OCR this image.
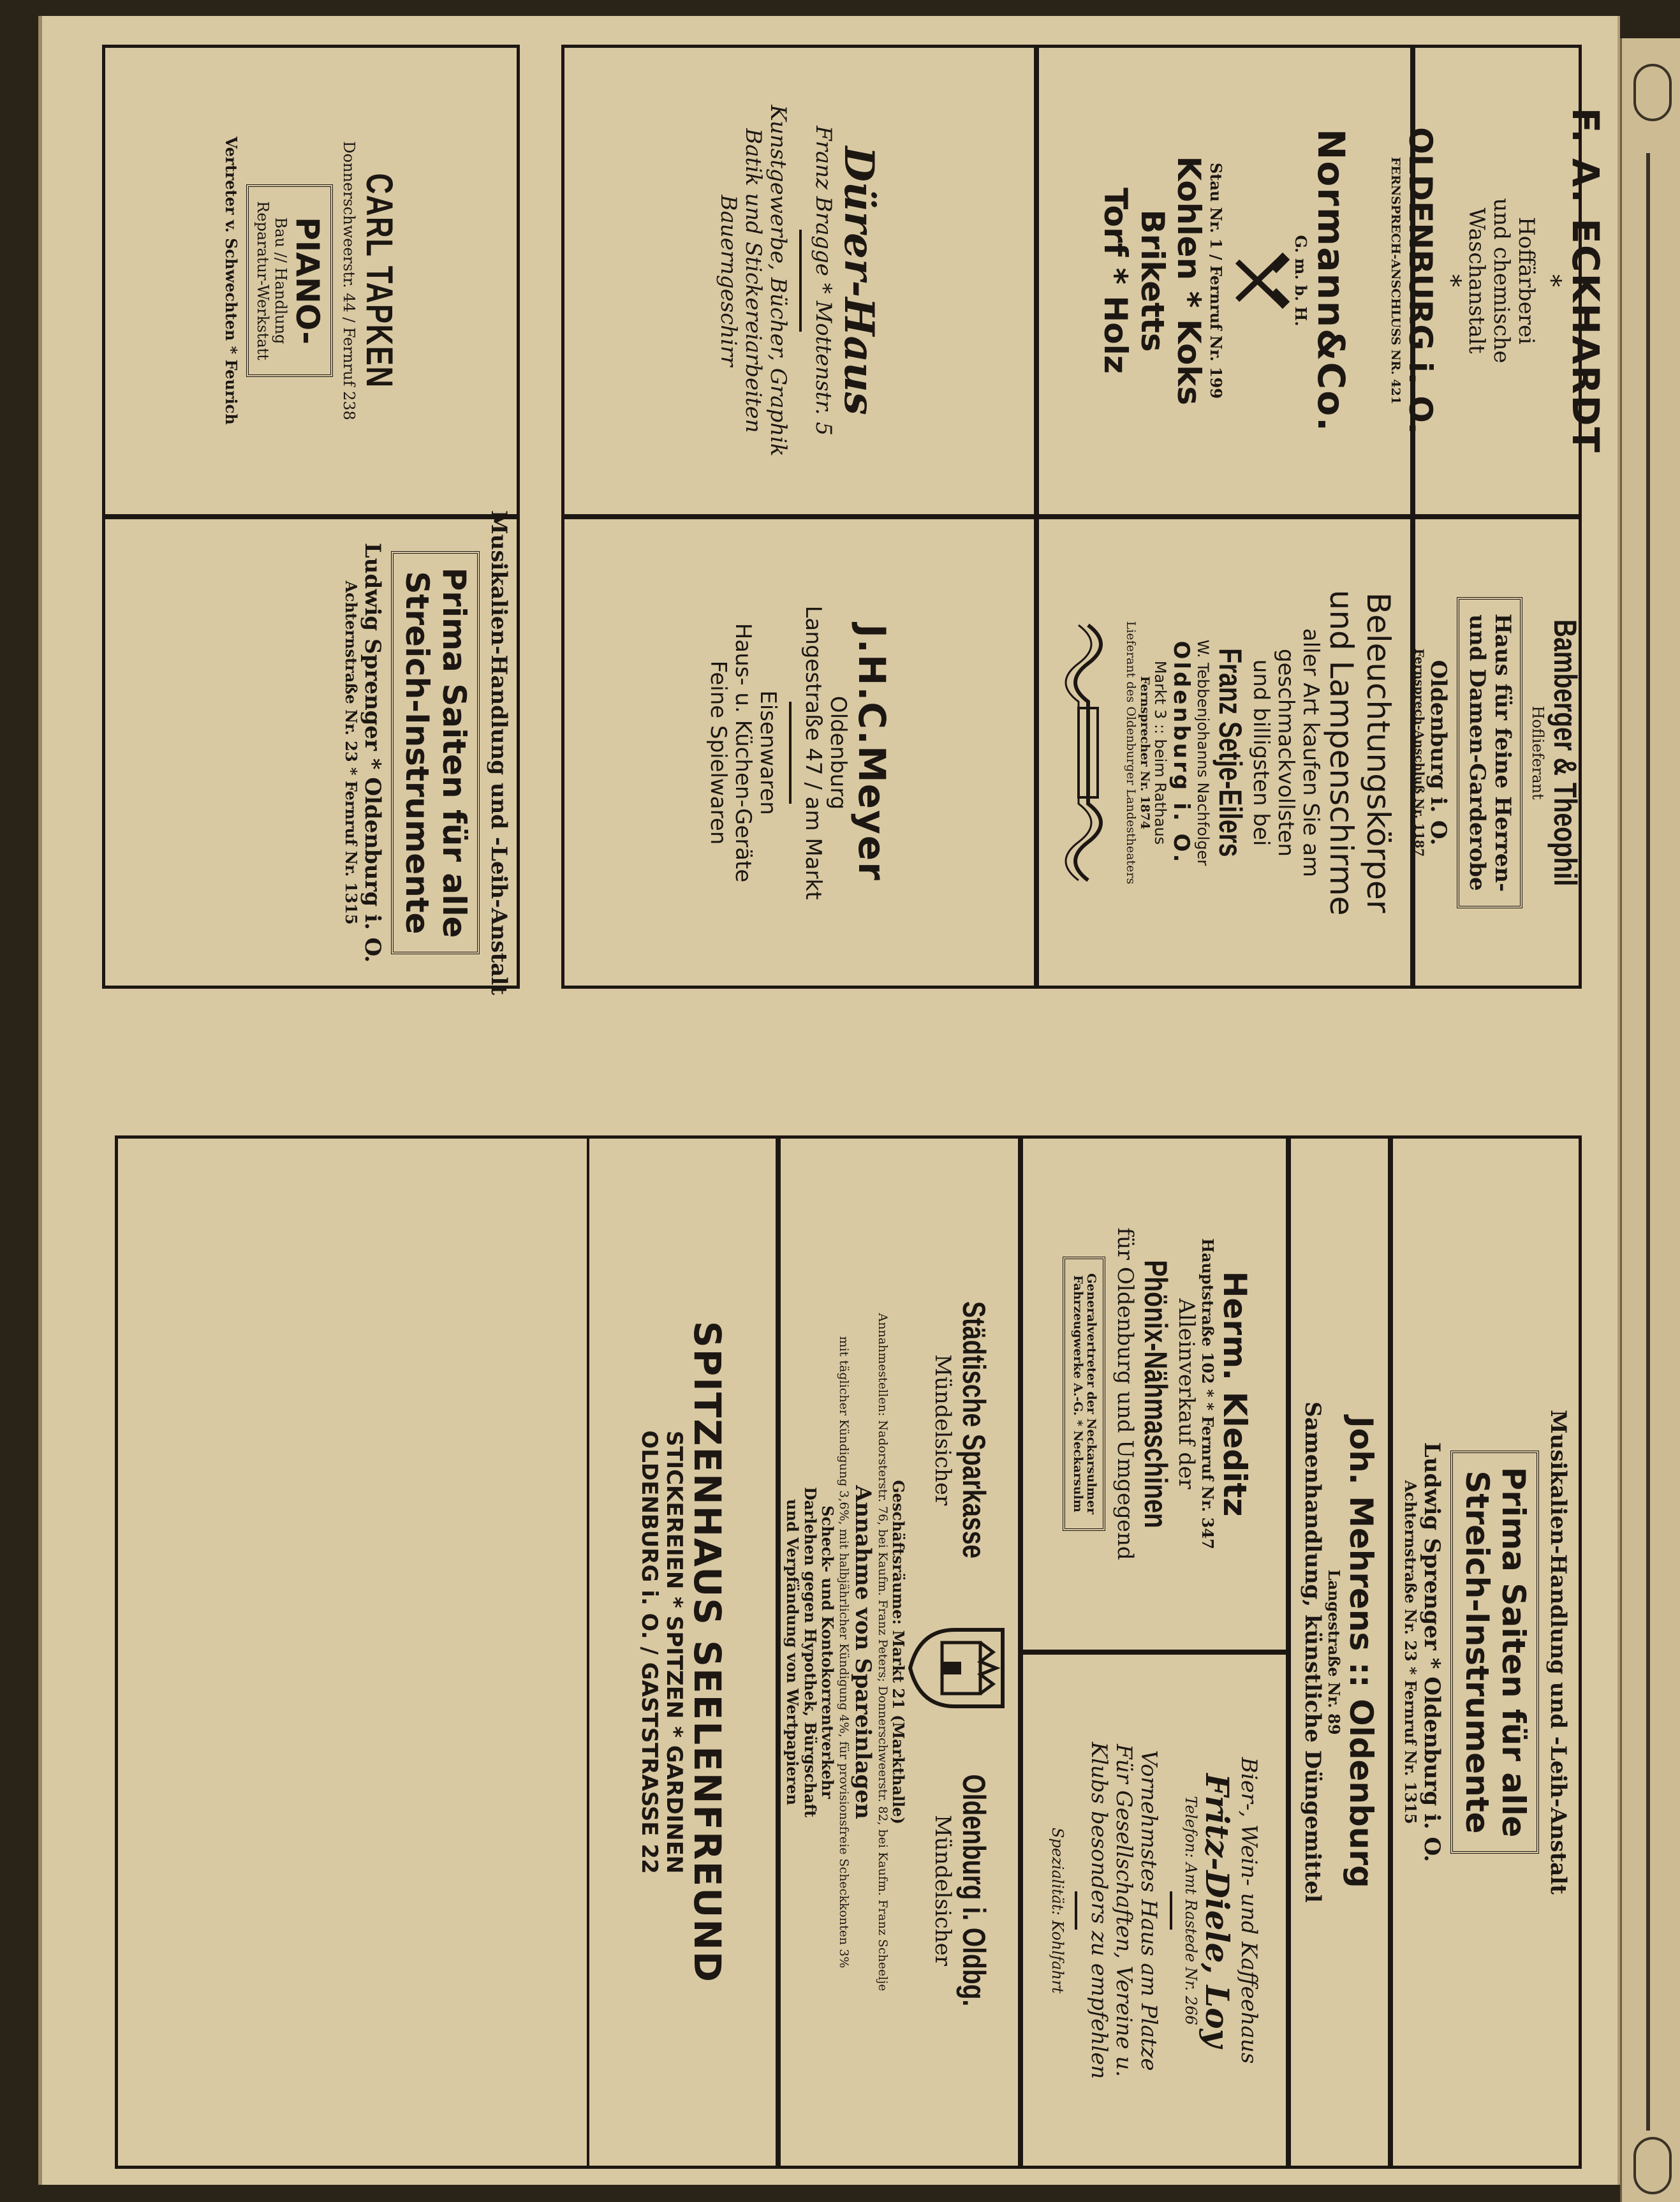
F. A. ECKHARDT
*
Hoffärberei
und chemische
Waschanstalt
*
OLDENBURG i. O.
FERNSPRECH-ANSCHLUSS NR. 421
Bamberger & Theophil
Hoflieferant
Haus für feine Herren-
und Damen-Garderobe
Oldenburg i. O.
Fernsprech-Anschluß Nr. 1187
Normann&Co.
G. m. b. H.
Stau Nr. 1 / Fernruf Nr. 199
Kohlen * Koks
Briketts
Torf * Holz
Beleuchtungskörper
und Lampenschirme
aller Art kaufen Sie am
geschmackvollsten
und billigsten bei
Franz Setje-Eilers
W. Tebbenjohanns Nachfolger
Oldenburg i. O.
Markt 3 :: beim Rathaus
Fernsprecher Nr. 1874
Lieferant des Oldenburger Landestheaters
Dürer-Haus
Franz Bragge * Mottenstr. 5
Kunstgewerbe, Bücher, Graphik
Batik und Stickereiarbeiten
Bauerngeschirr
J.H.C.Meyer
Oldenburg
Langestraße 47 / am Markt
Eisenwaren
Haus- u. Küchen-Geräte
Feine Spielwaren
CARL TAPKEN
Donnerschweerstr. 44 / Fernruf 238
PIANO-
Bau // Handlung
Reparatur-Werkstatt
Vertreter v. Schwechten * Feurich
Musikalien-Handlung und -Leih-Anstalt
Prima Saiten für alle
Streich-Instrumente
Ludwig Sprenger * Oldenburg i. O.
Achternstraße Nr. 23 * Fernruf Nr. 1315
Musikalien-Handlung und -Leih-Anstalt
Prima Saiten für alle
Streich-Instrumente
Ludwig Sprenger * Oldenburg i. O.
Achternstraße Nr. 23 * Fernruf Nr. 1315
Joh. Mehrens :: Oldenburg
Langestraße Nr. 89
Samenhandlung, künstliche Düngemittel
Herm. Kleditz
Hauptstraße 102 * * Fernruf Nr. 347
Alleinverkauf der
Phönix-Nähmaschinen
für Oldenburg und Umgegend
Generalvertreter der Neckarsulmer
Fahrzeugwerke A.-G. * Neckarsulm
Bier-, Wein- und Kaffeehaus
Fritz-Diele, Loy
Telefon: Amt Rastede Nr. 266
Vornehmstes Haus am Platze
Für Gesellschaften, Vereine u.
Klubs besonders zu empfehlen
Spezialität: Kohlfahrt
Städtische Sparkasse
Mündelsicher
Oldenburg i. Oldbg.
Mündelsicher
Geschäftsräume: Markt 21 (Markthalle)
Annahmestellen: Nadorsterstr. 76, bei Kaufm. Franz Peters; Donnerschweerstr. 82, bei Kaufm. Franz Scheelje
Annahme von Spareinlagen
mit täglicher Kündigung 3,6%, mit halbjährlicher Kündigung 4%, für provisionsfreie Scheckkonten 3%
Scheck- und Kontokorrentverkehr
Darlehen gegen Hypothek, Bürgschaft
und Verpfändung von Wertpapieren
SPITZENHAUS SEELENFREUND
STICKEREIEN * SPITZEN * GARDINEN
OLDENBURG i. O. / GASTSTRASSE 22
